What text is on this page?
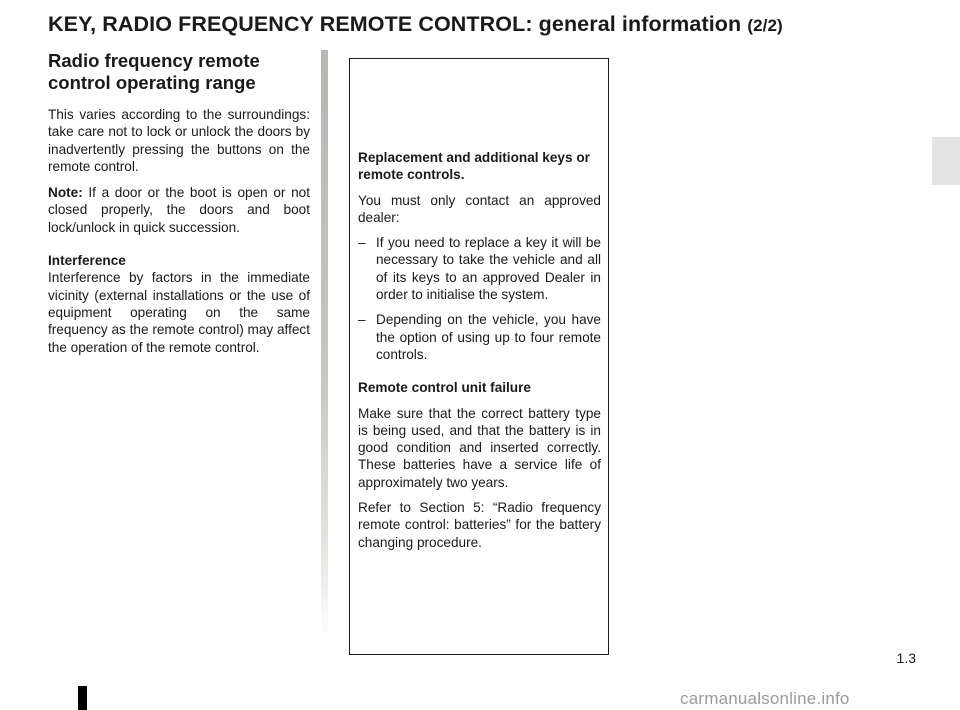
KEY, RADIO FREQUENCY REMOTE CONTROL: general information (2/2)
Radio frequency remote
control operating range

This varies according to the surroundings: take care not to lock or unlock the doors by inadvertently pressing the buttons on the remote control.

Note: If a door or the boot is open or not closed properly, the doors and boot lock/unlock in quick succession.

Interference
Interference by factors in the immediate vicinity (external installations or the use of equipment operating on the same frequency as the remote control) may affect the operation of the remote control.

Replacement and additional keys or remote controls.

You must only contact an approved dealer:

– If you need to replace a key it will be necessary to take the vehicle and all of its keys to an approved Dealer in order to initialise the system.
– Depending on the vehicle, you have the option of using up to four remote controls.

Remote control unit failure

Make sure that the correct battery type is being used, and that the battery is in good condition and inserted correctly. These batteries have a service life of approximately two years.

Refer to Section 5: “Radio frequency remote control: batteries” for the battery changing procedure.

1.3
carmanualsonline.info
